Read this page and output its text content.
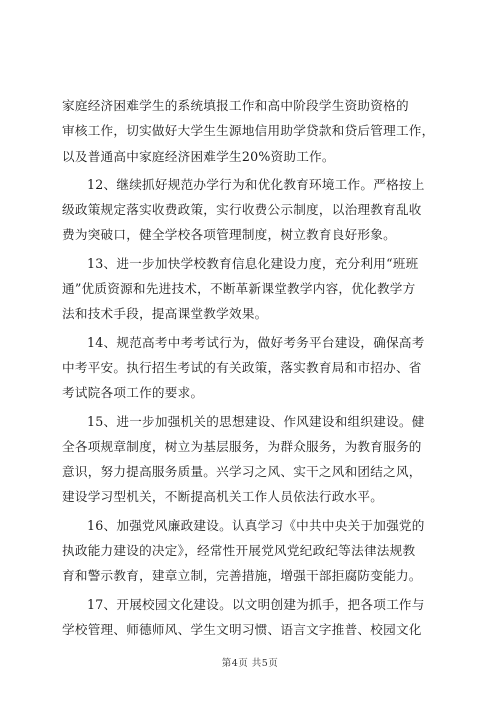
家庭经济困难学生的系统填报工作和高中阶段学生资助资格的
审核工作，切实做好大学生生源地信用助学贷款和贷后管理工作，
以及普通高中家庭经济困难学生20%资助工作。

12、继续抓好规范办学行为和优化教育环境工作。严格按上
级政策规定落实收费政策，实行收费公示制度，以治理教育乱收
费为突破口，健全学校各项管理制度，树立教育良好形象。

13、进一步加快学校教育信息化建设力度，充分利用“班班
通”优质资源和先进技术，不断革新课堂教学内容，优化教学方
法和技术手段，提高课堂教学效果。

14、规范高考中考考试行为，做好考务平台建设，确保高考
中考平安。执行招生考试的有关政策，落实教育局和市招办、省
考试院各项工作的要求。

15、进一步加强机关的思想建设、作风建设和组织建设。健
全各项规章制度，树立为基层服务，为群众服务，为教育服务的
意识，努力提高服务质量。兴学习之风、实干之风和团结之风，
建设学习型机关，不断提高机关工作人员依法行政水平。

16、加强党风廉政建设。认真学习《中共中央关于加强党的
执政能力建设的决定》，经常性开展党风党纪政纪等法律法规教
育和警示教育，建章立制，完善措施，增强干部拒腐防变能力。

17、开展校园文化建设。以文明创建为抓手，把各项工作与
学校管理、师德师风、学生文明习惯、语言文字推普、校园文化

第4页 共5页
